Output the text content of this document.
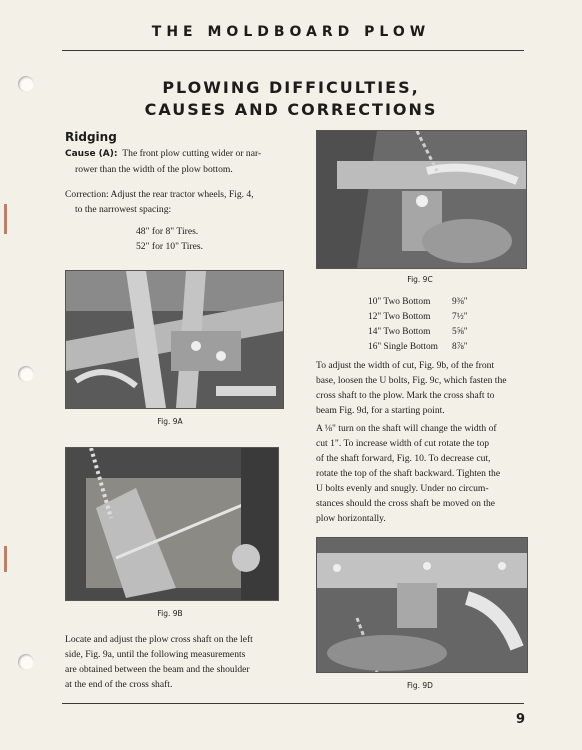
THE MOLDBOARD PLOW
PLOWING DIFFICULTIES,
CAUSES AND CORRECTIONS
Ridging
Cause (A): The front plow cutting wider or nar-
rower than the width of the plow bottom.
Correction: Adjust the rear tractor wheels, Fig. 4,
to the narrowest spacing:
48" for 8" Tires.
52" for 10" Tires.
Fig. 9A
Fig. 9B
Locate and adjust the plow cross shaft on the left
side, Fig. 9a, until the following measurements
are obtained between the beam and the shoulder
at the end of the cross shaft.
Fig. 9C
10" Two Bottom	9⅜"
12" Two Bottom	7½"
14" Two Bottom	5⅝"
16" Single Bottom	8⅞"
To adjust the width of cut, Fig. 9b, of the front
base, loosen the U bolts, Fig. 9c, which fasten the
cross shaft to the plow. Mark the cross shaft to
beam Fig. 9d, for a starting point.
A ⅛" turn on the shaft will change the width of
cut 1". To increase width of cut rotate the top
of the shaft forward, Fig. 10. To decrease cut,
rotate the top of the shaft backward. Tighten the
U bolts evenly and snugly. Under no circum-
stances should the cross shaft be moved on the
plow horizontally.
Fig. 9D
9
